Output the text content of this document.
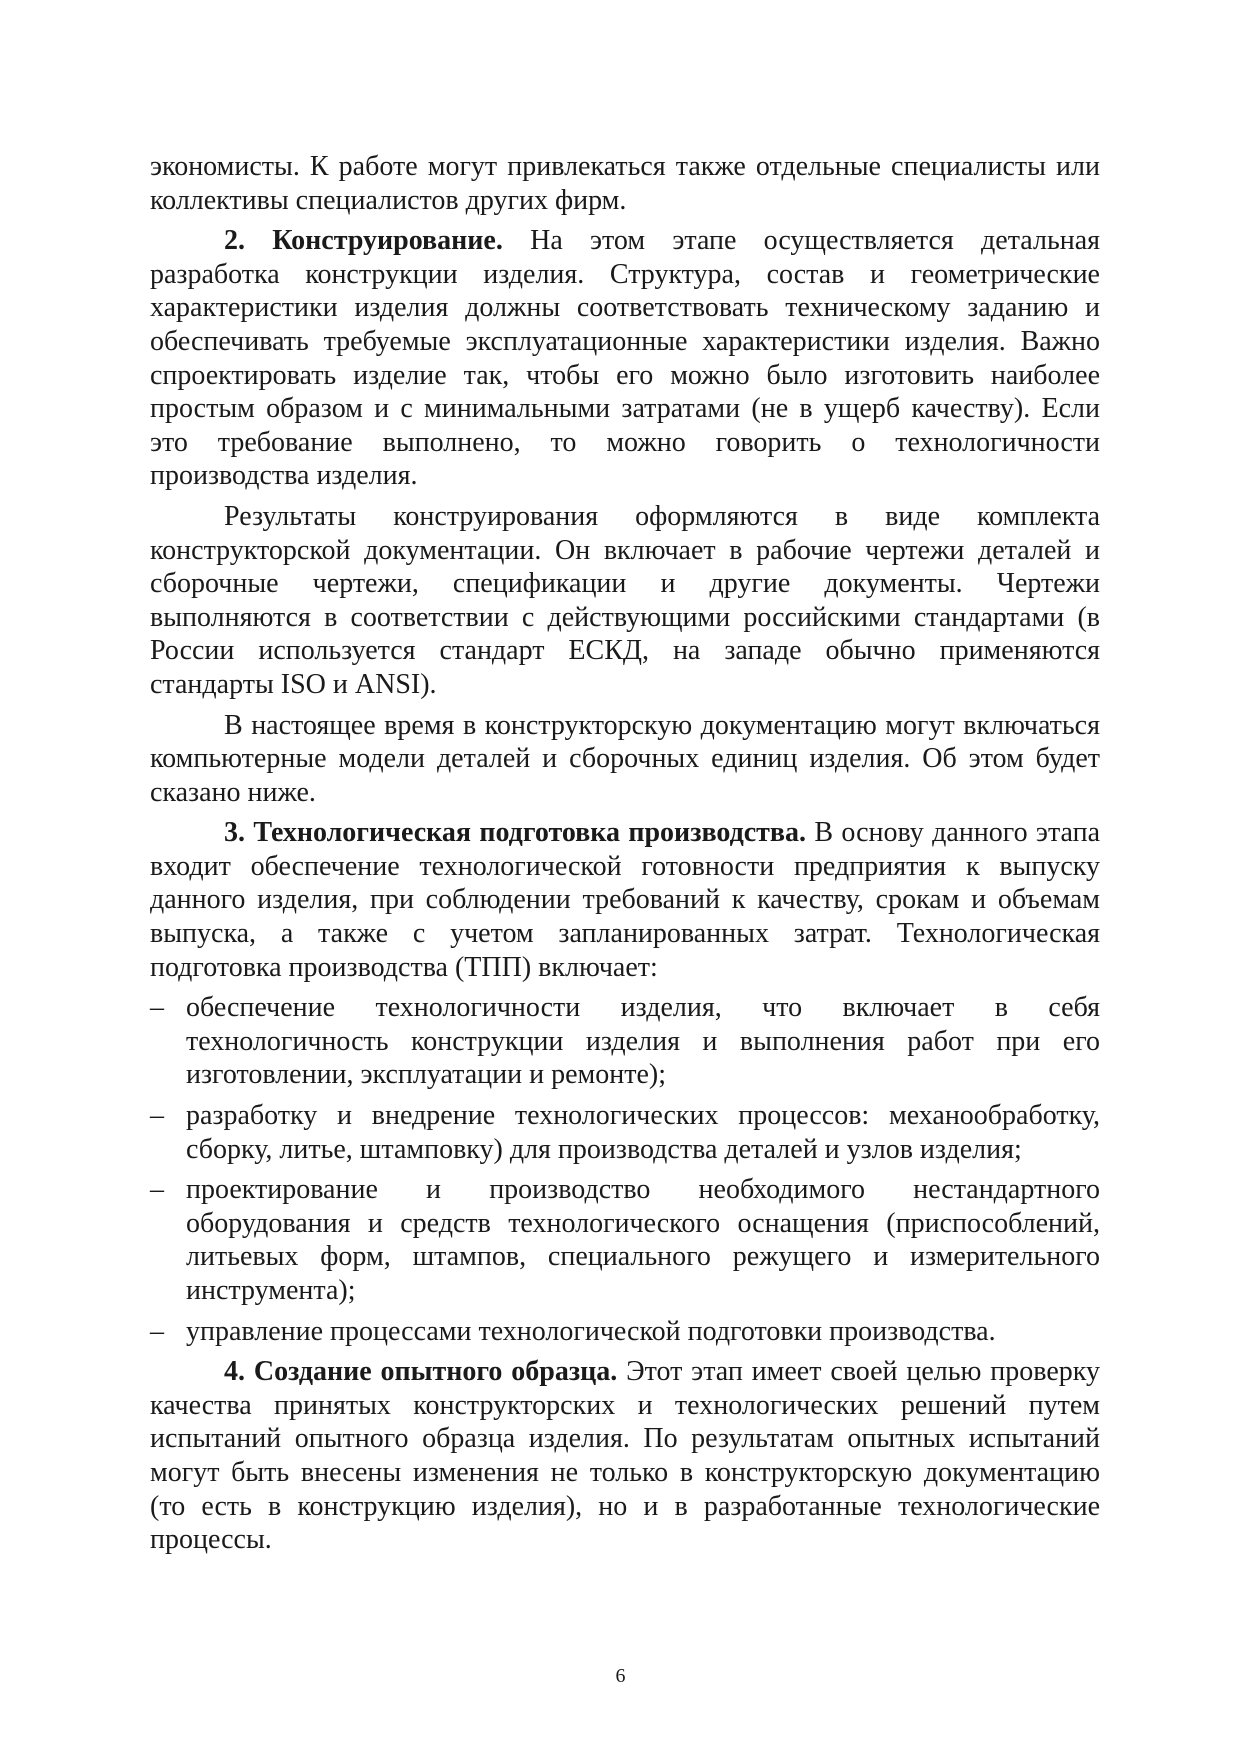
экономисты. К работе могут привлекаться также отдельные специалисты или коллективы специалистов других фирм.

2. Конструирование. На этом этапе осуществляется детальная разработка конструкции изделия. Структура, состав и геометрические характеристики изделия должны соответствовать техническому заданию и обеспечивать требуемые эксплуатационные характеристики изделия. Важно спроектировать изделие так, чтобы его можно было изготовить наиболее простым образом и с минимальными затратами (не в ущерб качеству). Если это требование выполнено, то можно говорить о технологичности производства изделия.

Результаты конструирования оформляются в виде комплекта конструкторской документации. Он включает в рабочие чертежи деталей и сборочные чертежи, спецификации и другие документы. Чертежи выполняются в соответствии с действующими российскими стандартами (в России используется стандарт ЕСКД, на западе обычно применяются стандарты ISO и ANSI).

В настоящее время в конструкторскую документацию могут включаться компьютерные модели деталей и сборочных единиц изделия. Об этом будет сказано ниже.

3. Технологическая подготовка производства. В основу данного этапа входит обеспечение технологической готовности предприятия к выпуску данного изделия, при соблюдении требований к качеству, срокам и объемам выпуска, а также с учетом запланированных затрат. Технологическая подготовка производства (ТПП) включает:

– обеспечение технологичности изделия, что включает в себя технологичность конструкции изделия и выполнения работ при его изготовлении, эксплуатации и ремонте);
– разработку и внедрение технологических процессов: механообработку, сборку, литье, штамповку) для производства деталей и узлов изделия;
– проектирование и производство необходимого нестандартного оборудования и средств технологического оснащения (приспособлений, литьевых форм, штампов, специального режущего и измерительного инструмента);
– управление процессами технологической подготовки производства.

4. Создание опытного образца. Этот этап имеет своей целью проверку качества принятых конструкторских и технологических решений путем испытаний опытного образца изделия. По результатам опытных испытаний могут быть внесены изменения не только в конструкторскую документацию (то есть в конструкцию изделия), но и в разработанные технологические процессы.

6
